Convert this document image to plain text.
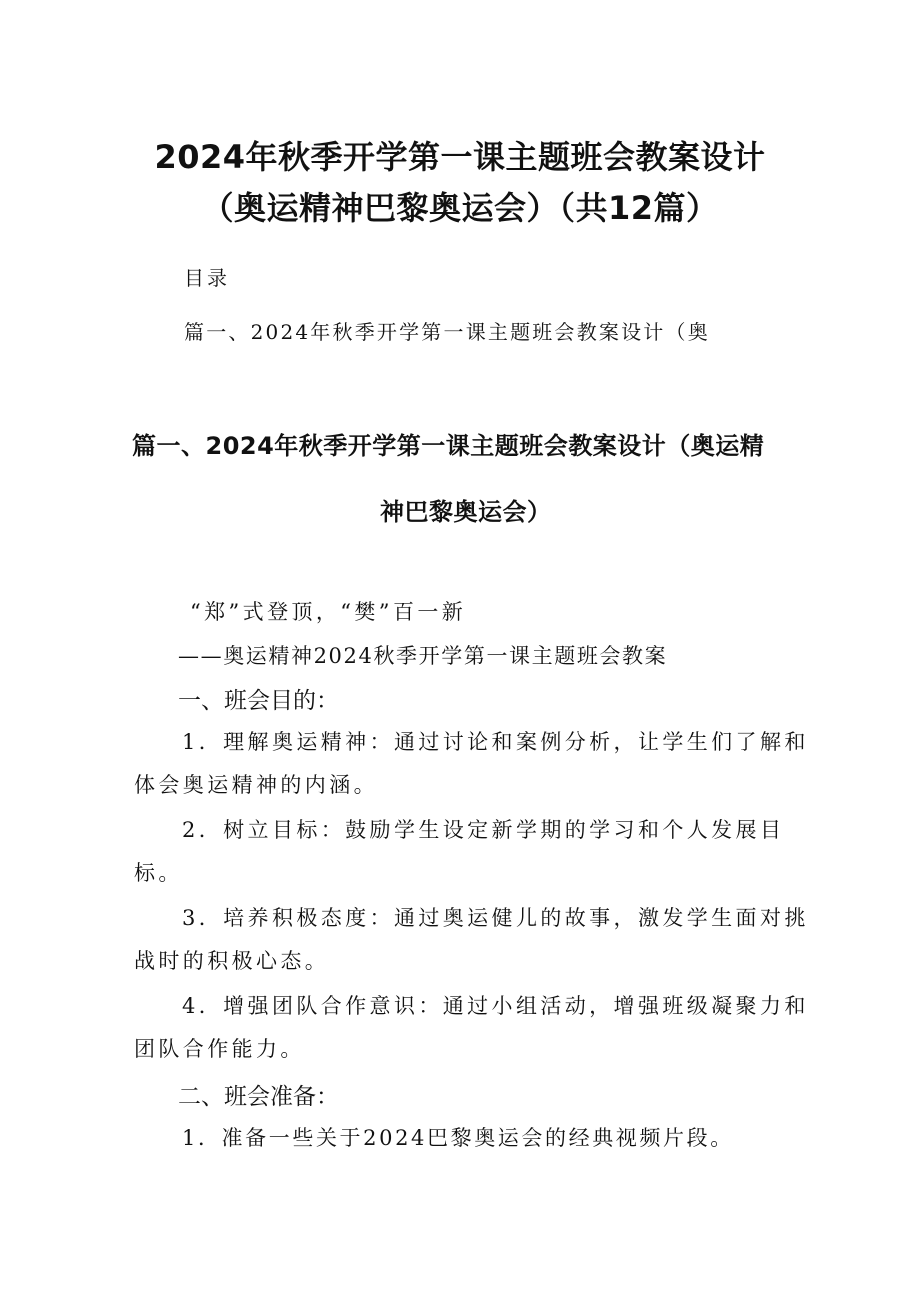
2024年秋季开学第一课主题班会教案设计
（奥运精神巴黎奥运会）（共12篇）
目录
篇一、2024年秋季开学第一课主题班会教案设计（奥
篇一、2024年秋季开学第一课主题班会教案设计（奥运精
神巴黎奥运会）
“郑”式登顶，“樊”百一新
——奥运精神2024秋季开学第一课主题班会教案
一、班会目的：
1．理解奥运精神：通过讨论和案例分析，让学生们了解和
体会奥运精神的内涵。
2．树立目标：鼓励学生设定新学期的学习和个人发展目
标。
3．培养积极态度：通过奥运健儿的故事，激发学生面对挑
战时的积极心态。
4．增强团队合作意识：通过小组活动，增强班级凝聚力和
团队合作能力。
二、班会准备：
1．准备一些关于2024巴黎奥运会的经典视频片段。
